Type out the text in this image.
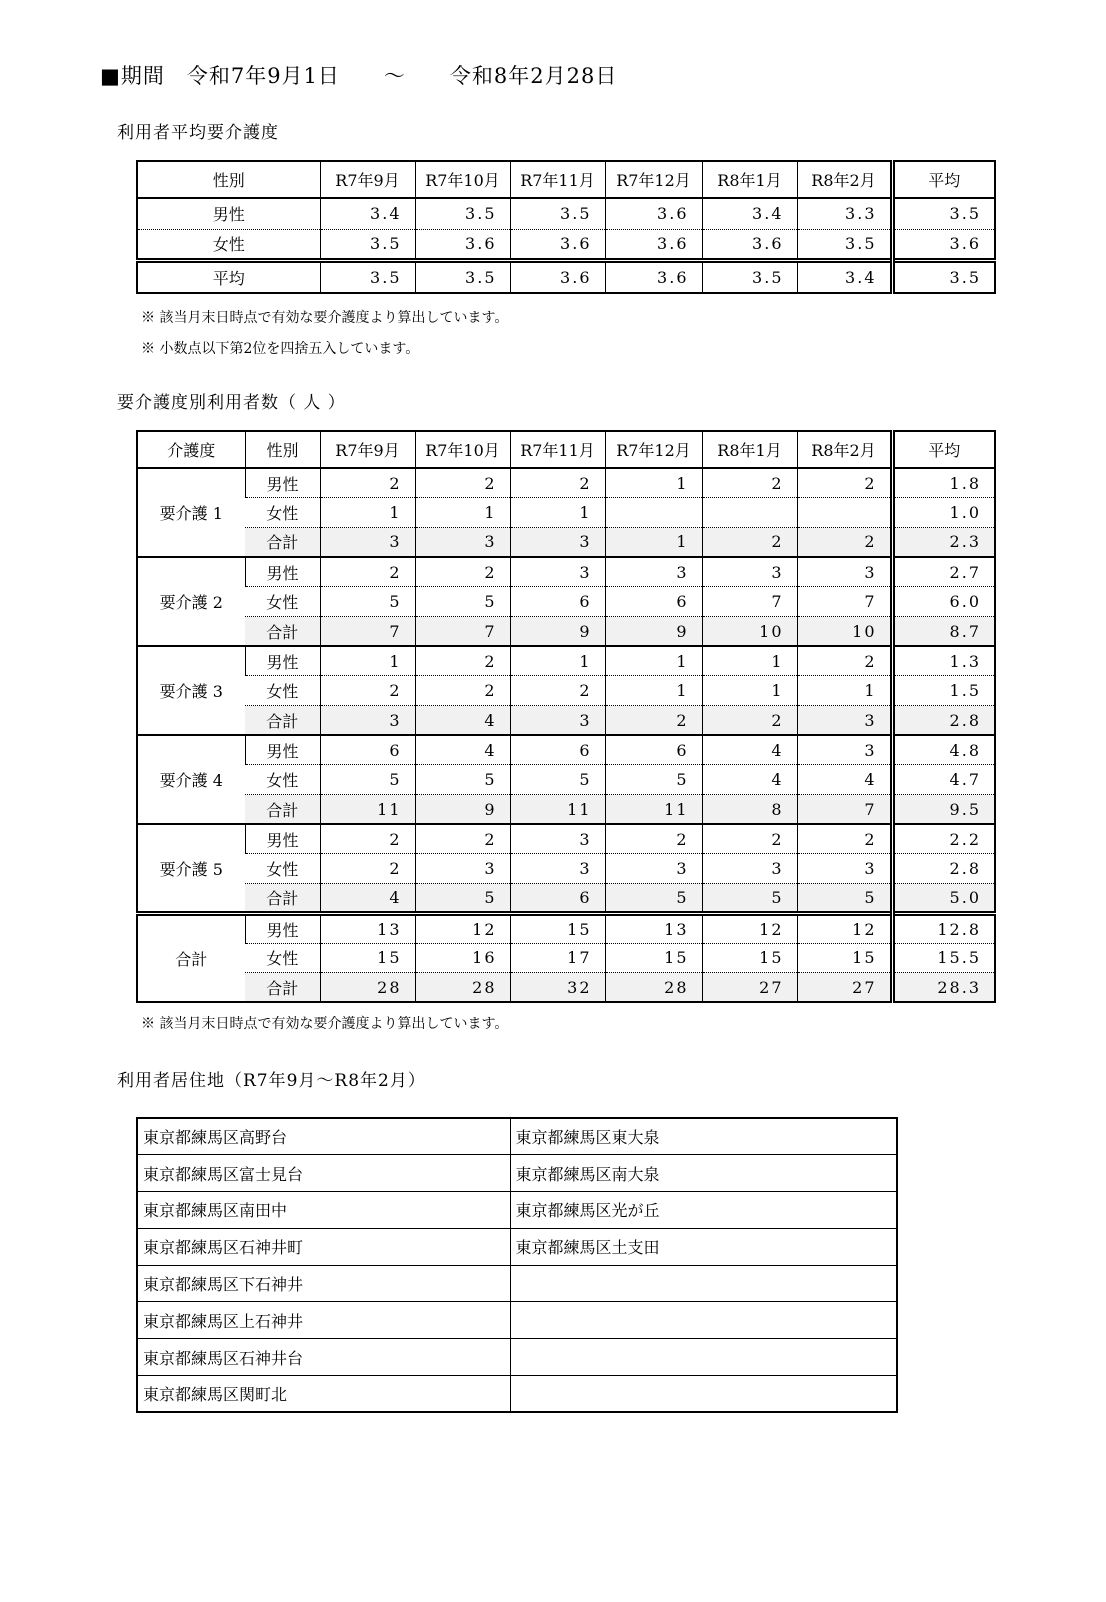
■期間　令和7年9月1日　　～　　令和8年2月28日
利用者平均要介護度
性別	R7年9月	R7年10月	R7年11月	R7年12月	R8年1月	R8年2月	平均
男性	3.4	3.5	3.5	3.6	3.4	3.3	3.5
女性	3.5	3.6	3.6	3.6	3.6	3.5	3.6
平均	3.5	3.5	3.6	3.6	3.5	3.4	3.5
※ 該当月末日時点で有効な要介護度より算出しています。
※ 小数点以下第2位を四捨五入しています。
要介護度別利用者数（ 人 ）
介護度	性別	R7年9月	R7年10月	R7年11月	R7年12月	R8年1月	R8年2月	平均
要介護 1	男性	2	2	2	1	2	2	1.8
	女性	1	1	1				1.0
	合計	3	3	3	1	2	2	2.3
要介護 2	男性	2	2	3	3	3	3	2.7
	女性	5	5	6	6	7	7	6.0
	合計	7	7	9	9	10	10	8.7
要介護 3	男性	1	2	1	1	1	2	1.3
	女性	2	2	2	1	1	1	1.5
	合計	3	4	3	2	2	3	2.8
要介護 4	男性	6	4	6	6	4	3	4.8
	女性	5	5	5	5	4	4	4.7
	合計	11	9	11	11	8	7	9.5
要介護 5	男性	2	2	3	2	2	2	2.2
	女性	2	3	3	3	3	3	2.8
	合計	4	5	6	5	5	5	5.0
合計	男性	13	12	15	13	12	12	12.8
	女性	15	16	17	15	15	15	15.5
	合計	28	28	32	28	27	27	28.3
※ 該当月末日時点で有効な要介護度より算出しています。
利用者居住地（R7年9月～R8年2月）
東京都練馬区高野台	東京都練馬区東大泉
東京都練馬区富士見台	東京都練馬区南大泉
東京都練馬区南田中	東京都練馬区光が丘
東京都練馬区石神井町	東京都練馬区土支田
東京都練馬区下石神井	
東京都練馬区上石神井	
東京都練馬区石神井台	
東京都練馬区関町北	
